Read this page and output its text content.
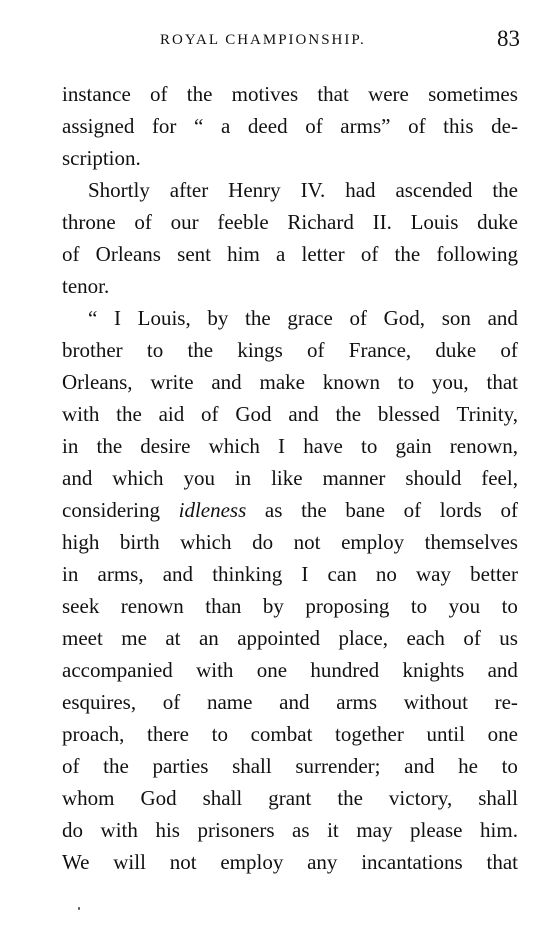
ROYAL CHAMPIONSHIP.	83
instance of the motives that were sometimes
assigned for “ a deed of arms” of this de-
scription.
Shortly after Henry IV. had ascended the
throne of our feeble Richard II. Louis duke
of Orleans sent him a letter of the following
tenor.
“ I Louis, by the grace of God, son and
brother to the kings of France, duke of
Orleans, write and make known to you, that
with the aid of God and the blessed Trinity,
in the desire which I have to gain renown,
and which you in like manner should feel,
considering idleness as the bane of lords of
high birth which do not employ themselves
in arms, and thinking I can no way better
seek renown than by proposing to you to
meet me at an appointed place, each of us
accompanied with one hundred knights and
esquires, of name and arms without re-
proach, there to combat together until one
of the parties shall surrender; and he to
whom God shall grant the victory, shall
do with his prisoners as it may please him.
We will not employ any incantations that
